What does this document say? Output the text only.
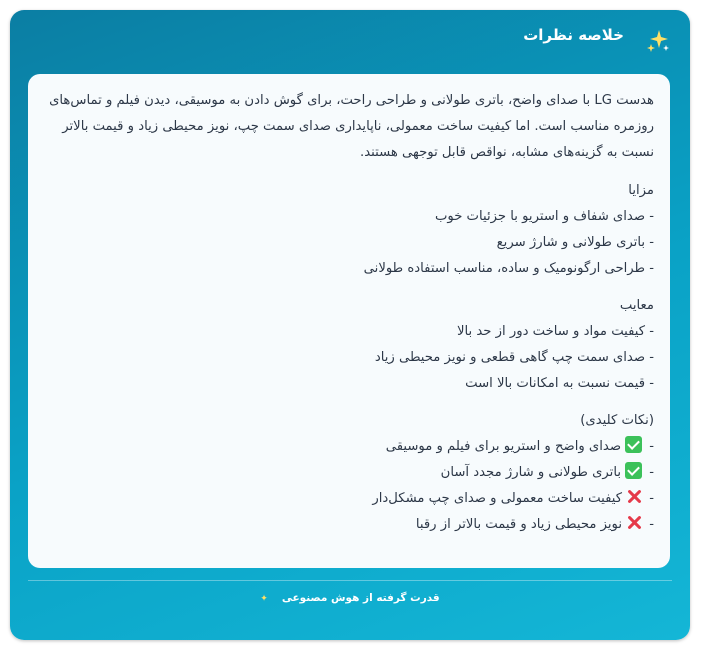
خلاصه نظرات
هدست LG با صدای واضح، باتری طولانی و طراحی راحت، برای گوش دادن به موسیقی، دیدن فیلم و تماس‌های روزمره مناسب است. اما کیفیت ساخت معمولی، ناپایداری صدای سمت چپ، نویز محیطی زیاد و قیمت بالاتر نسبت به گزینه‌های مشابه، نواقص قابل توجهی هستند.
مزایا
- صدای شفاف و استریو با جزئیات خوب
- باتری طولانی و شارژ سریع
- طراحی ارگونومیک و ساده، مناسب استفاده طولانی
معایب
- کیفیت مواد و ساخت دور از حد بالا
- صدای سمت چپ گاهی قطعی و نویز محیطی زیاد
- قیمت نسبت به امکانات بالا است
(نکات کلیدی)
- صدای واضح و استریو برای فیلم و موسیقی
- باتری طولانی و شارژ مجدد آسان
- کیفیت ساخت معمولی و صدای چپ مشکل‌دار
- نویز محیطی زیاد و قیمت بالاتر از رقبا
قدرت گرفته از هوش مصنوعی✦
